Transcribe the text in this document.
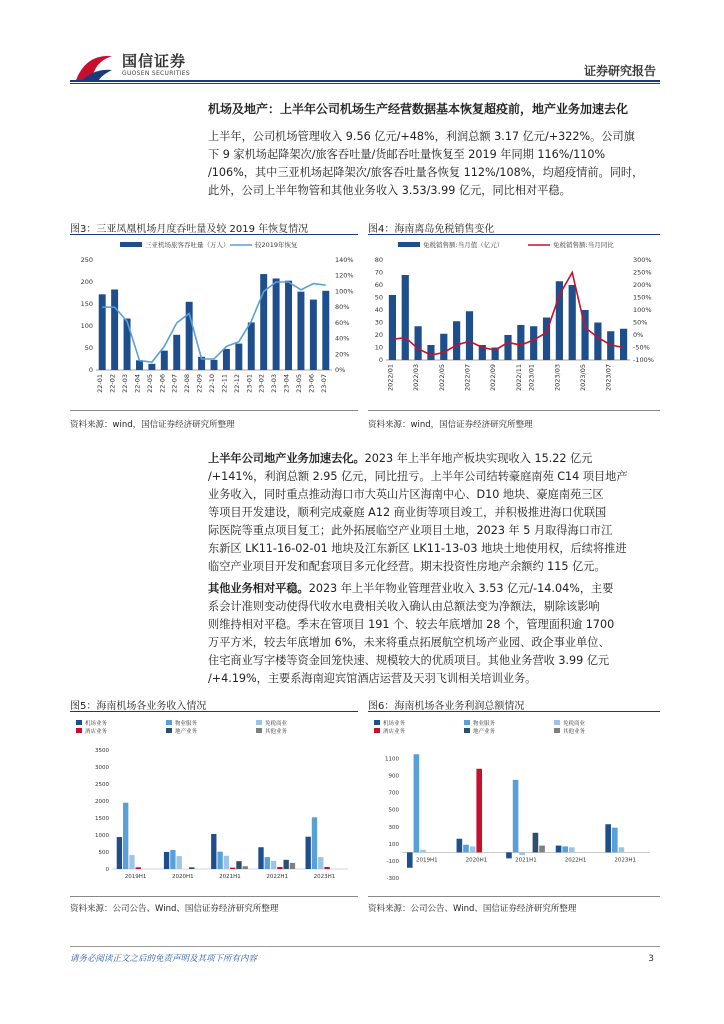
国信证券
GUOSEN SECURITIES	证券研究报告
机场及地产：上半年公司机场生产经营数据基本恢复超疫前，地产业务加速去化
上半年，公司机场管理收入 9.56 亿元/+48%，利润总额 3.17 亿元/+322%。公司旗
下 9 家机场起降架次/旅客吞吐量/货邮吞吐量恢复至 2019 年同期 116%/110%
/106%，其中三亚机场起降架次/旅客吞吐量各恢复 112%/108%，均超疫情前。同时，
此外，公司上半年物管和其他业务收入 3.53/3.99 亿元，同比相对平稳。
图3：三亚凤凰机场月度吞吐量及较 2019 年恢复情况
0
50
100
150
200
250
0%
20%
40%
60%
80%
100%
120%
140%
22-01 22-02 22-03 22-04 22-05 22-06 22-07 22-08 22-09 22-10 22-11 22-12 23-01 23-02 23-03 23-04 23-05 23-06 23-07
三亚机场旅客吞吐量（万人）	较2019年恢复
资料来源：wind，国信证券经济研究所整理
图4：海南离岛免税销售变化
0
10
20
30
40
50
60
70
80
-100%
-50%
0%
50%
100%
150%
200%
250%
300%
2022/01	2022/03	2022/05	2022/07	2022/09	2022/11 2023/01	2023/03	2023/05	2023/07
免税销售额:当月值（亿元）	免税销售额:当月同比
资料来源：wind，国信证券经济研究所整理
上半年公司地产业务加速去化。2023 年上半年地产板块实现收入 15.22 亿元
/+141%，利润总额 2.95 亿元，同比扭亏。上半年公司结转豪庭南苑 C14 项目地产
业务收入，同时重点推动海口市大英山片区海南中心、D10 地块、豪庭南苑三区
等项目开发建设，顺利完成豪庭 A12 商业街等项目竣工，并积极推进海口优联国
际医院等重点项目复工；此外拓展临空产业项目土地，2023 年 5 月取得海口市江
东新区 LK11-16-02-01 地块及江东新区 LK11-13-03 地块土地使用权，后续将推进
临空产业项目开发和配套项目多元化经营。期末投资性房地产余额约 115 亿元。
其他业务相对平稳。2023 年上半年物业管理营业收入 3.53 亿元/-14.04%，主要
系会计准则变动使得代收水电费相关收入确认由总额法变为净额法，剔除该影响
则维持相对平稳。季末在管项目 191 个、较去年底增加 28 个，管理面积逾 1700
万平方米，较去年底增加 6%，未来将重点拓展航空机场产业园、政企事业单位、
住宅商业写字楼等资金回笼快速、规模较大的优质项目。其他业务营收 3.99 亿元
/+4.19%，主要系海南迎宾馆酒店运营及天羽飞训相关培训业务。
图5：海南机场各业务收入情况
机场业务	物业服务	免税商业
酒店业务	地产业务	其他业务
0
500
1000
1500
2000
2500
3000
3500
2019H1	2020H1	2021H1	2022H1	2023H1
资料来源：公司公告、Wind、国信证券经济研究所整理
图6：海南机场各业务利润总额情况
机场业务	物业服务	免税商业
酒店业务	地产业务	其他业务
-300
-100
100
300
500
700
900
1100
2019H1	2020H1	2021H1	2022H1	2023H1
资料来源：公司公告、Wind、国信证券经济研究所整理
请务必阅读正文之后的免责声明及其项下所有内容	3
